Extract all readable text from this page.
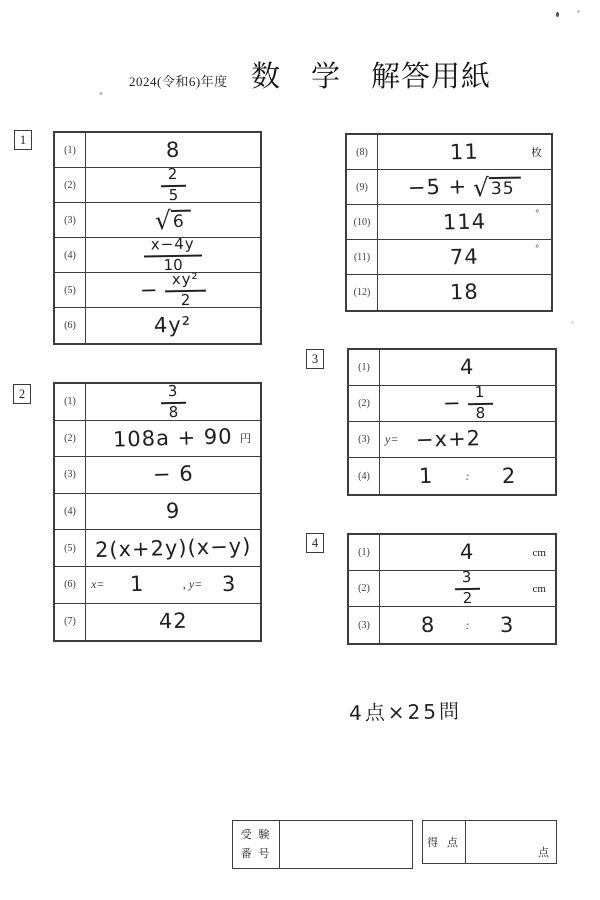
2024(令和6)年度 数　学　解答用紙
1
2
3
4
(1)	8
(2)	$\frac{2}{5}$
(3)	√ 6
(4)	$\frac{x-4y}{10}$
(5)	− $\frac{\text{xy²}}{2}$
(6)	4y²
(8)	11	枚
(9)	−5 + √ 35
(10)	114	°
(11)	74	°
(12)	18
(1)	$\frac{3}{8}$
(2)	108a + 90 円
(3)	− 6
(4)	9
(5) 2(x+2y)(x−y)
(6)	x= 1	, y= 3
(7)	42
(1)	4
(2)	− $\frac{1}{8}$
(3)	y= −x+2
(4)	1	: 2
(1)	4	cm
(2)	$\frac{3}{2}$	cm
(3)	8 : 3
4点×25問
受 験
番 号
得 点
点
